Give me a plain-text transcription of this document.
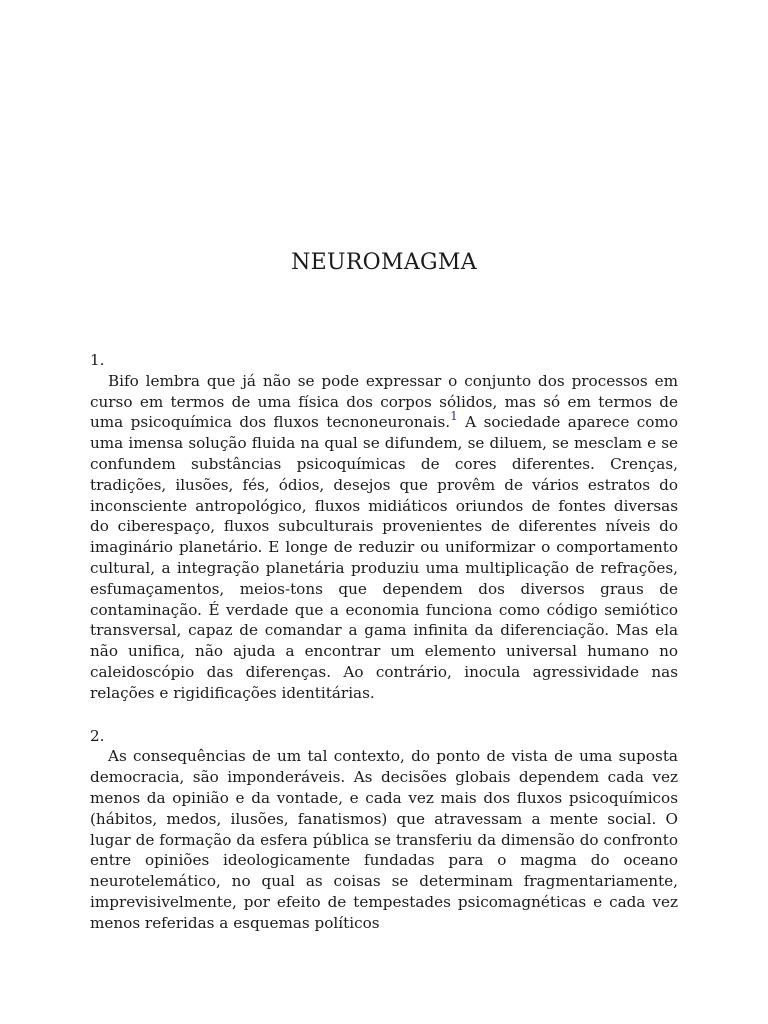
NEUROMAGMA

1.

Bifo lembra que já não se pode expressar o conjunto dos processos em curso em termos de uma física dos corpos sólidos, mas só em termos de uma psicoquímica dos fluxos tecnoneuronais.$^1$ A sociedade aparece como uma imensa solução fluida na qual se difundem, se diluem, se mesclam e se confundem substâncias psicoquímicas de cores diferentes. Crenças, tradições, ilusões, fés, ódios, desejos que provêm de vários estratos do inconsciente antropológico, fluxos midiáticos oriundos de fontes diversas do ciberespaço, fluxos subculturais provenientes de diferentes níveis do imaginário planetário. E longe de reduzir ou uniformizar o comportamento cultural, a integração planetária produziu uma multiplicação de refrações, esfumaçamentos, meios-tons que dependem dos diversos graus de contaminação. É verdade que a economia funciona como código semiótico transversal, capaz de comandar a gama infinita da diferenciação. Mas ela não unifica, não ajuda a encontrar um elemento universal humano no caleidoscópio das diferenças. Ao contrário, inocula agressividade nas relações e rigidificações identitárias.

2.

As consequências de um tal contexto, do ponto de vista de uma suposta democracia, são imponderáveis. As decisões globais dependem cada vez menos da opinião e da vontade, e cada vez mais dos fluxos psicoquímicos (hábitos, medos, ilusões, fanatismos) que atravessam a mente social. O lugar de formação da esfera pública se transferiu da dimensão do confronto entre opiniões ideologicamente fundadas para o magma do oceano neurotelemático, no qual as coisas se determinam fragmentariamente, imprevisivelmente, por efeito de tempestades psicomagnéticas e cada vez menos referidas a esquemas políticos
